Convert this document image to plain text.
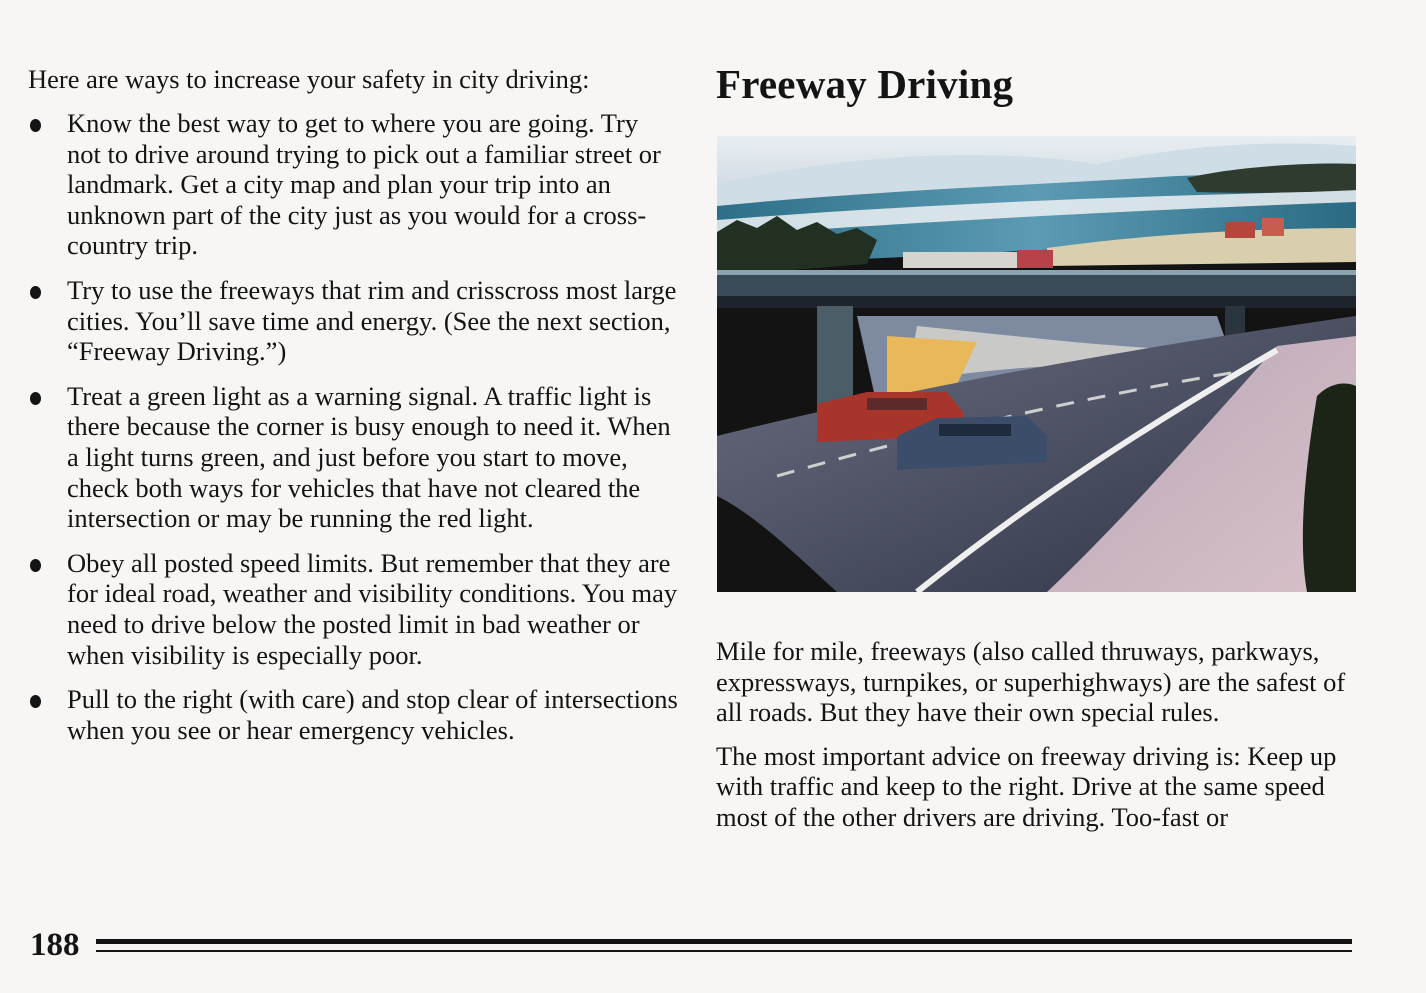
Here are ways to increase your safety in city driving:

Know the best way to get to where you are going. Try not to drive around trying to pick out a familiar street or landmark. Get a city map and plan your trip into an unknown part of the city just as you would for a cross-country trip.
Try to use the freeways that rim and crisscross most large cities. You’ll save time and energy. (See the next section, “Freeway Driving.”)
Treat a green light as a warning signal. A traffic light is there because the corner is busy enough to need it. When a light turns green, and just before you start to move, check both ways for vehicles that have not cleared the intersection or may be running the red light.
Obey all posted speed limits. But remember that they are for ideal road, weather and visibility conditions. You may need to drive below the posted limit in bad weather or when visibility is especially poor.
Pull to the right (with care) and stop clear of intersections when you see or hear emergency vehicles.
Freeway Driving

Mile for mile, freeways (also called thruways, parkways, expressways, turnpikes, or superhighways) are the safest of all roads. But they have their own special rules.

The most important advice on freeway driving is: Keep up with traffic and keep to the right. Drive at the same speed most of the other drivers are driving. Too-fast or

188
